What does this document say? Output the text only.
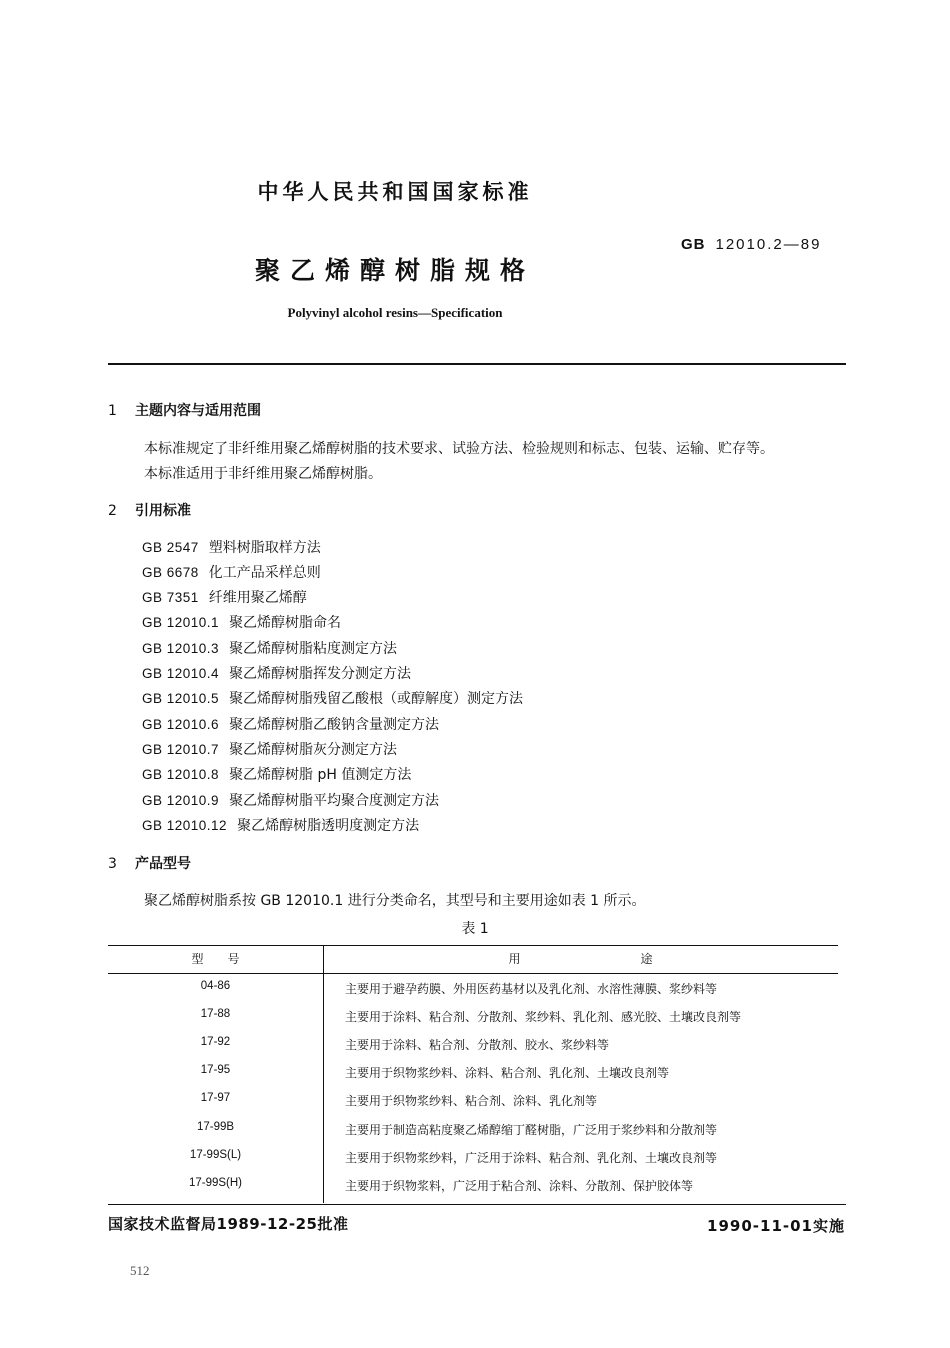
中华人民共和国国家标准
聚乙烯醇树脂规格
GB 12010.2—89
Polyvinyl alcohol resins—Specification
1 主题内容与适用范围
本标准规定了非纤维用聚乙烯醇树脂的技术要求、试验方法、检验规则和标志、包装、运输、贮存等。
本标准适用于非纤维用聚乙烯醇树脂。
2 引用标准
GB 2547 塑料树脂取样方法
GB 6678 化工产品采样总则
GB 7351 纤维用聚乙烯醇
GB 12010.1 聚乙烯醇树脂命名
GB 12010.3 聚乙烯醇树脂粘度测定方法
GB 12010.4 聚乙烯醇树脂挥发分测定方法
GB 12010.5 聚乙烯醇树脂残留乙酸根（或醇解度）测定方法
GB 12010.6 聚乙烯醇树脂乙酸钠含量测定方法
GB 12010.7 聚乙烯醇树脂灰分测定方法
GB 12010.8 聚乙烯醇树脂 pH 值测定方法
GB 12010.9 聚乙烯醇树脂平均聚合度测定方法
GB 12010.12 聚乙烯醇树脂透明度测定方法
3 产品型号
聚乙烯醇树脂系按 GB 12010.1 进行分类命名，其型号和主要用途如表 1 所示。
表 1
型　　号	用　　　　　　　　　　途
04-86	主要用于避孕药膜、外用医药基材以及乳化剂、水溶性薄膜、浆纱料等
17-88	主要用于涂料、粘合剂、分散剂、浆纱料、乳化剂、感光胶、土壤改良剂等
17-92	主要用于涂料、粘合剂、分散剂、胶水、浆纱料等
17-95	主要用于织物浆纱料、涂料、粘合剂、乳化剂、土壤改良剂等
17-97	主要用于织物浆纱料、粘合剂、涂料、乳化剂等
17-99B	主要用于制造高粘度聚乙烯醇缩丁醛树脂，广泛用于浆纱料和分散剂等
17-99S(L)	主要用于织物浆纱料，广泛用于涂料、粘合剂、乳化剂、土壤改良剂等
17-99S(H)	主要用于织物浆料，广泛用于粘合剂、涂料、分散剂、保护胶体等
国家技术监督局1989-12-25批准	1990-11-01实施
512
